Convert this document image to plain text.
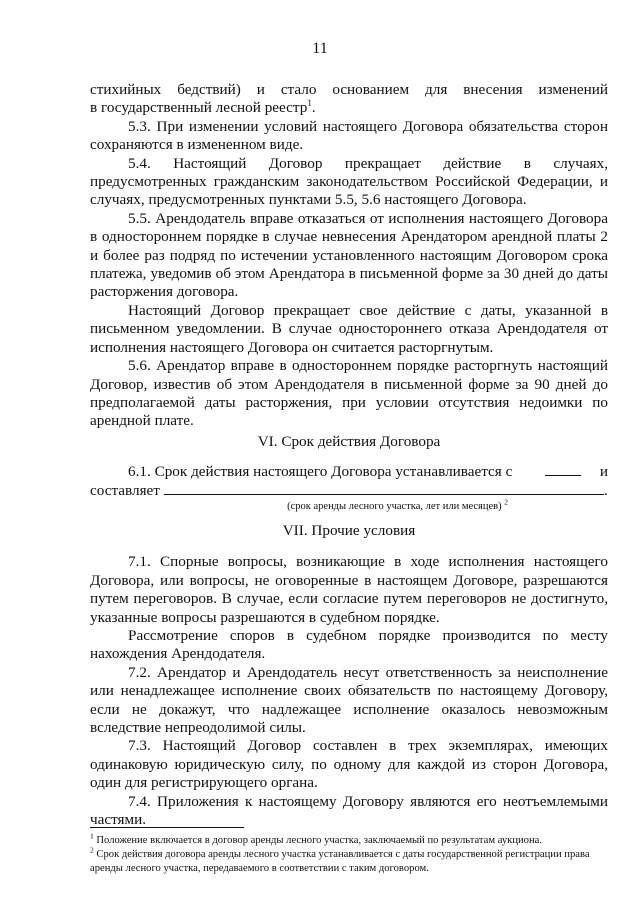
11

стихийных бедствий) и стало основанием для внесения изменений

в государственный лесной реестр$^1$.

5.3. При изменении условий настоящего Договора обязательства сторон сохраняются в измененном виде.

5.4. Настоящий Договор прекращает действие в случаях, предусмотренных гражданским законодательством Российской Федерации, и случаях, предусмотренных пунктами 5.5, 5.6 настоящего Договора.

5.5. Арендодатель вправе отказаться от исполнения настоящего Договора в одностороннем порядке в случае невнесения Арендатором арендной платы 2 и более раз подряд по истечении установленного настоящим Договором срока платежа, уведомив об этом Арендатора в письменной форме за 30 дней до даты расторжения договора.

Настоящий Договор прекращает свое действие с даты, указанной в письменном уведомлении. В случае одностороннего отказа Арендодателя от исполнения настоящего Договора он считается расторгнутым.

5.6. Арендатор вправе в одностороннем порядке расторгнуть настоящий Договор, известив об этом Арендодателя в письменной форме за 90 дней до предполагаемой даты расторжения, при условии отсутствия недоимки по арендной плате.

VI. Срок действия Договора

6.1. Срок действия настоящего Договора устанавливается с	и
составляет	.
(срок аренды лесного участка, лет или месяцев) $^2$

VII. Прочие условия

7.1. Спорные вопросы, возникающие в ходе исполнения настоящего Договора, или вопросы, не оговоренные в настоящем Договоре, разрешаются путем переговоров. В случае, если согласие путем переговоров не достигнуто, указанные вопросы разрешаются в судебном порядке.

Рассмотрение споров в судебном порядке производится по месту нахождения Арендодателя.

7.2. Арендатор и Арендодатель несут ответственность за неисполнение или ненадлежащее исполнение своих обязательств по настоящему Договору, если не докажут, что надлежащее исполнение оказалось невозможным вследствие непреодолимой силы.

7.3. Настоящий Договор составлен в трех экземплярах, имеющих одинаковую юридическую силу, по одному для каждой из сторон Договора, один для регистрирующего органа.

7.4. Приложения к настоящему Договору являются его неотъемлемыми частями.

$^1$ Положение включается в договор аренды лесного участка, заключаемый по результатам аукциона.

$^2$ Срок действия договора аренды лесного участка устанавливается с даты государственной регистрации права аренды лесного участка, передаваемого в соответствии с таким договором.
